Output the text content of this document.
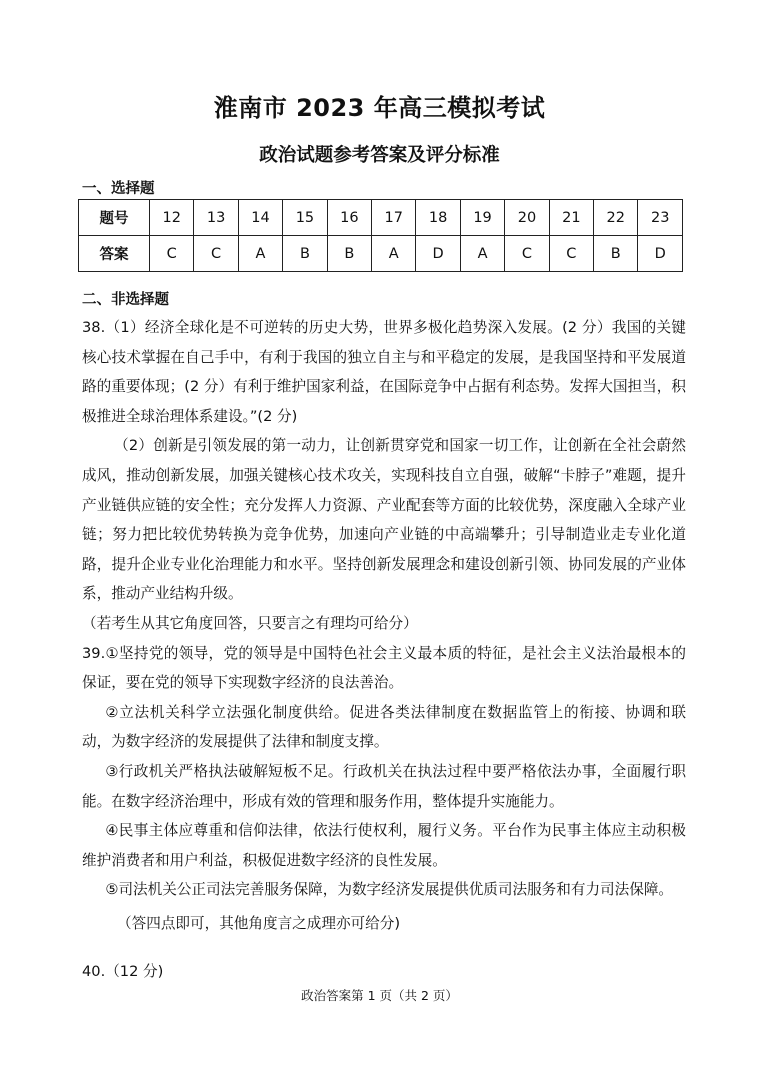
淮南市 2023 年高三模拟考试
政治试题参考答案及评分标准
一、选择题
题号	12	13	14	15	16	17	18	19	20	21	22	23
答案	C	C	A	B	B	A	D	A	C	C	B	D
二、非选择题

38.（1）经济全球化是不可逆转的历史大势，世界多极化趋势深入发展。(2 分）我国的关键核心技术掌握在自己手中，有利于我国的独立自主与和平稳定的发展，是我国坚持和平发展道路的重要体现；(2 分）有利于维护国家利益，在国际竞争中占据有利态势。发挥大国担当，积极推进全球治理体系建设。”(2 分)

（2）创新是引领发展的第一动力，让创新贯穿党和国家一切工作，让创新在全社会蔚然成风，推动创新发展，加强关键核心技术攻关，实现科技自立自强，破解“卡脖子”难题，提升产业链供应链的安全性；充分发挥人力资源、产业配套等方面的比较优势，深度融入全球产业链；努力把比较优势转换为竞争优势，加速向产业链的中高端攀升；引导制造业走专业化道路，提升企业专业化治理能力和水平。坚持创新发展理念和建设创新引领、协同发展的产业体系，推动产业结构升级。

（若考生从其它角度回答，只要言之有理均可给分）

39.①坚持党的领导，党的领导是中国特色社会主义最本质的特征，是社会主义法治最根本的保证，要在党的领导下实现数字经济的良法善治。

②立法机关科学立法强化制度供给。促进各类法律制度在数据监管上的衔接、协调和联动，为数字经济的发展提供了法律和制度支撑。

③行政机关严格执法破解短板不足。行政机关在执法过程中要严格依法办事，全面履行职能。在数字经济治理中，形成有效的管理和服务作用，整体提升实施能力。

④民事主体应尊重和信仰法律，依法行使权利，履行义务。平台作为民事主体应主动积极维护消费者和用户利益，积极促进数字经济的良性发展。

⑤司法机关公正司法完善服务保障，为数字经济发展提供优质司法服务和有力司法保障。

（答四点即可，其他角度言之成理亦可给分)

40.（12 分)
政治答案第 1 页（共 2 页）
